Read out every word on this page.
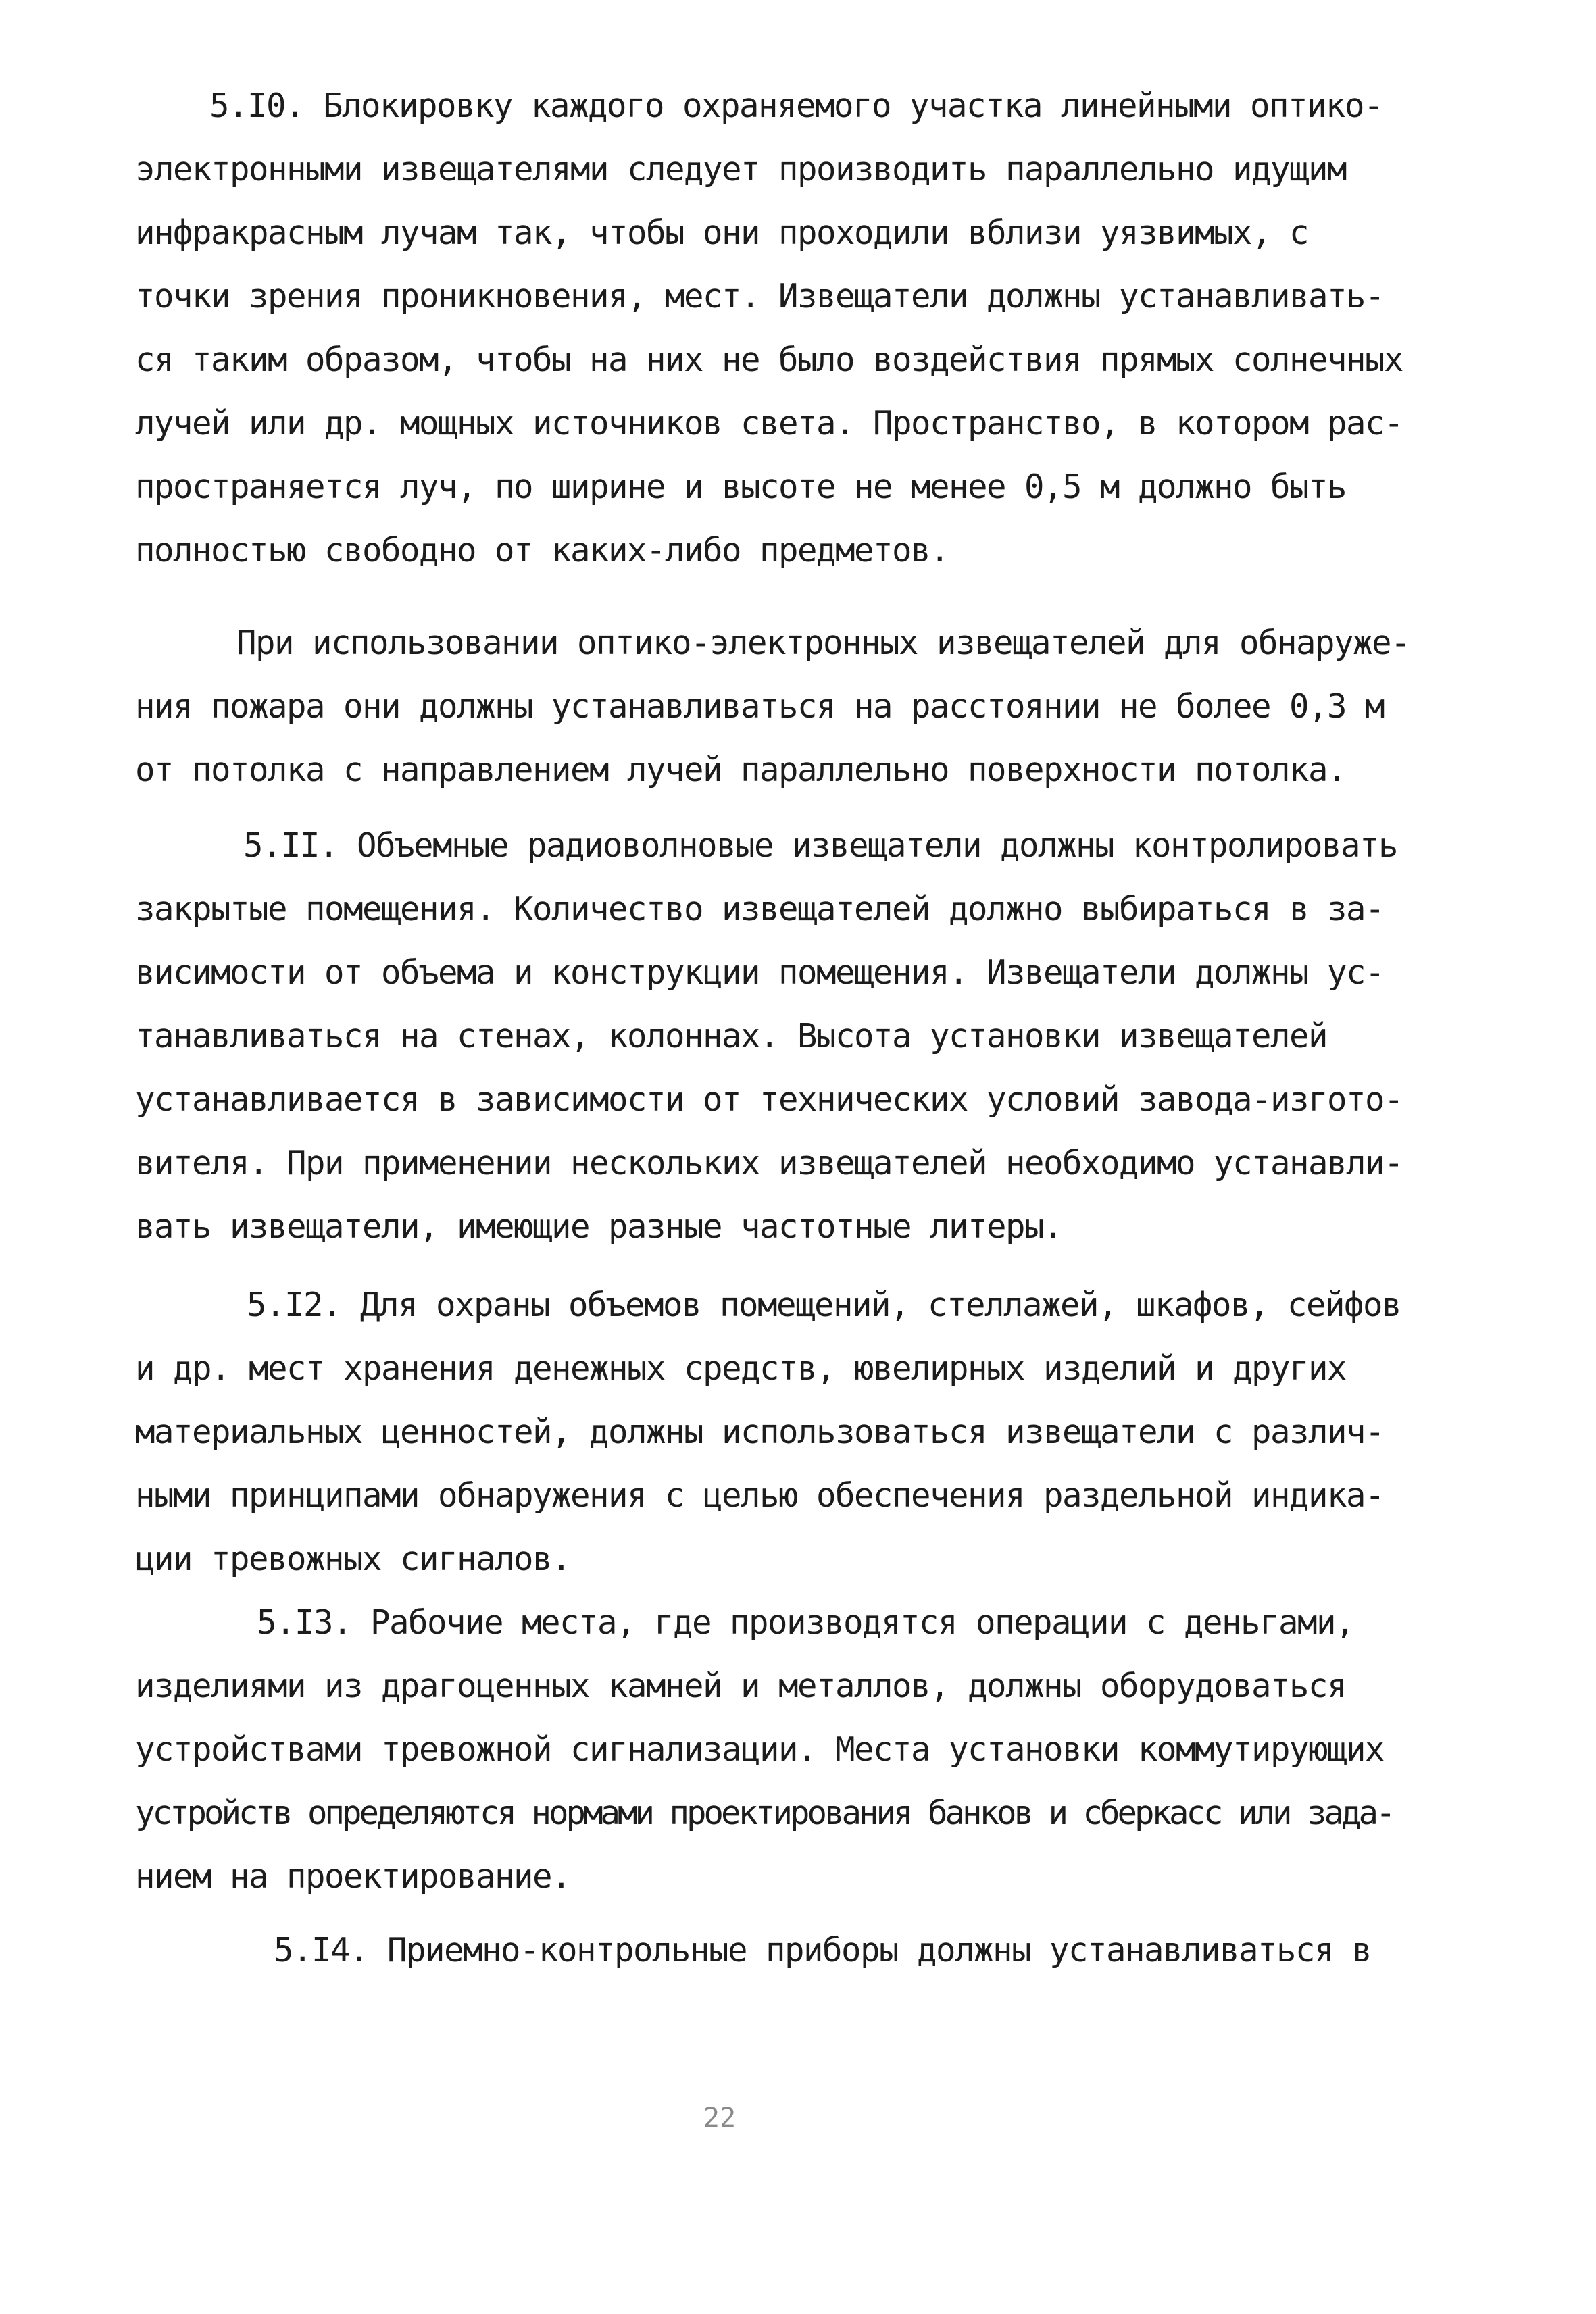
5.I0. Блокировку каждого охраняемого участка линейными оптико-
электронными извещателями следует производить параллельно идущим
инфракрасным лучам так, чтобы они проходили вблизи уязвимых, с
точки зрения проникновения, мест. Извещатели должны устанавливать-
ся таким образом, чтобы на них не было воздействия прямых солнечных
лучей или др. мощных источников света. Пространство, в котором рас-
пространяется луч, по ширине и высоте не менее 0,5 м должно быть
полностью свободно от каких-либо предметов.
При использовании оптико-электронных извещателей для обнаруже-
ния пожара они должны устанавливаться на расстоянии не более 0,3 м
от потолка с направлением лучей параллельно поверхности потолка.
5.II. Объемные радиоволновые извещатели должны контролировать
закрытые помещения. Количество извещателей должно выбираться в за-
висимости от объема и конструкции помещения. Извещатели должны ус-
танавливаться на стенах, колоннах. Высота установки извещателей
устанавливается в зависимости от технических условий завода-изгото-
вителя. При применении нескольких извещателей необходимо устанавли-
вать извещатели, имеющие разные частотные литеры.
5.I2. Для охраны объемов помещений, стеллажей, шкафов, сейфов
и др. мест хранения денежных средств, ювелирных изделий и других
материальных ценностей, должны использоваться извещатели с различ-
ными принципами обнаружения с целью обеспечения раздельной индика-
ции тревожных сигналов.
5.I3. Рабочие места, где производятся операции с деньгами,
изделиями из драгоценных камней и металлов, должны оборудоваться
устройствами тревожной сигнализации. Места установки коммутирующих
устройств определяются нормами проектирования банков и сберкасс или зада-
нием на проектирование.
5.I4. Приемно-контрольные приборы должны устанавливаться в
22
